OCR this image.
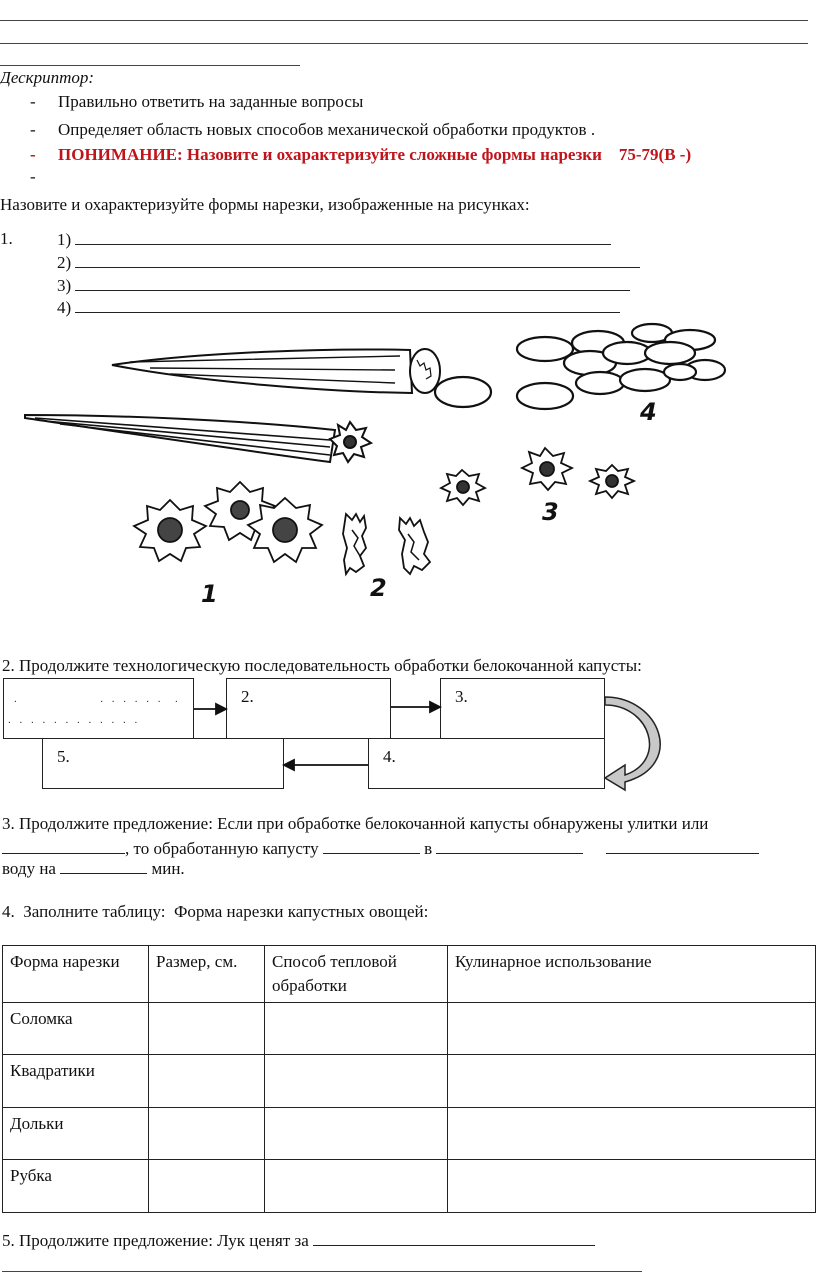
Дескриптор:
- Правильно ответить на заданные вопросы
- Определяет область новых способов механической обработки продуктов .
- ПОНИМАНИЕ: Назовите и охарактеризуйте сложные формы нарезки    75-79(В -)
-
Назовите и охарактеризуйте формы нарезки, изображенные на рисунках:
1.	1)
2)
3)
4)
1	2
3
4
2. Продолжите технологическую последовательность обработки белокочанной капусты:
.              . . . . . .  .
. . . . . . . . . . . .
2.	3.
5.	4.
3. Продолжите предложение: Если при обработке белокочанной капусты обнаружены улитки или
, то обработанную капусту	в
воду на	мин.
4.  Заполните таблицу:  Форма нарезки капустных овощей:
Форма нарезки	Размер, см.	Способ тепловой обработки	Кулинарное использование
Соломка			
Квадратики			
Дольки			
Рубка			
5. Продолжите предложение: Лук ценят за
